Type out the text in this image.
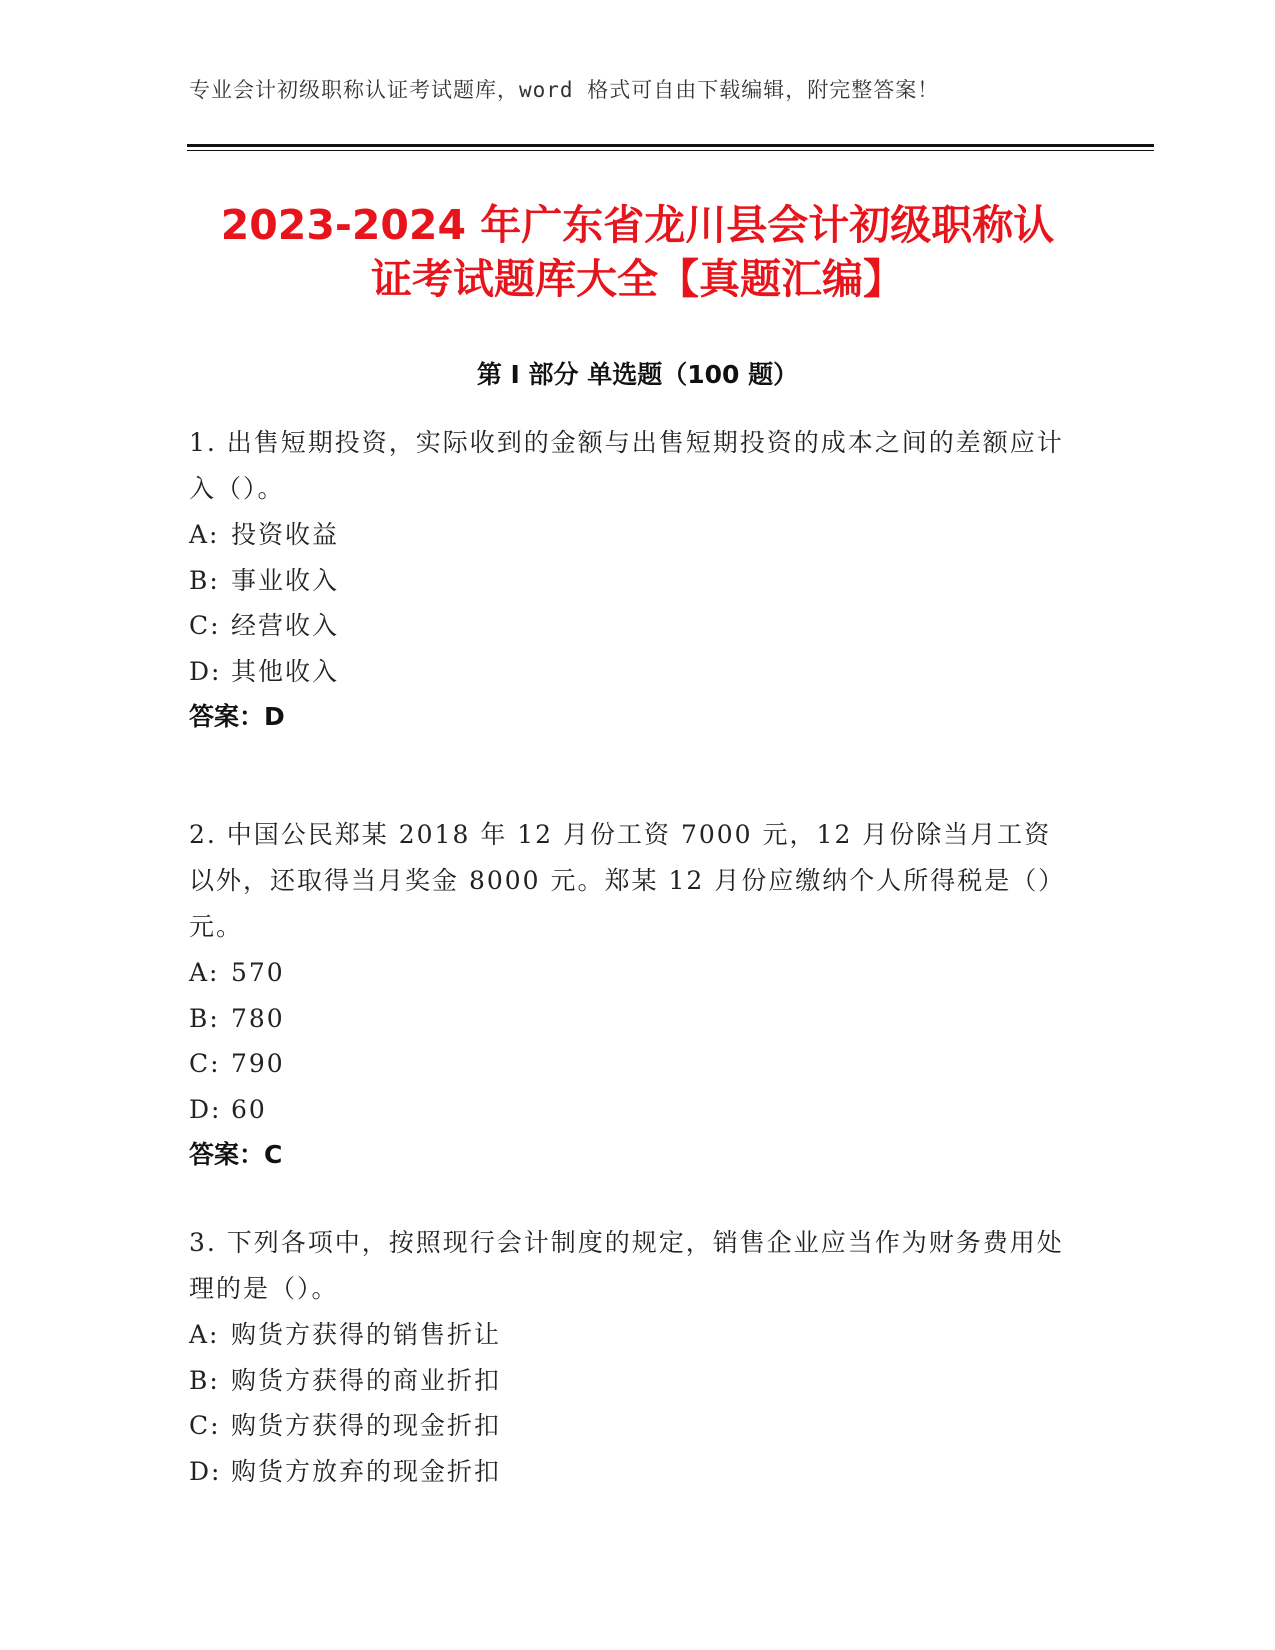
专业会计初级职称认证考试题库，word 格式可自由下载编辑，附完整答案！
2023-2024 年广东省龙川县会计初级职称认
证考试题库大全【真题汇编】
第 I 部分 单选题（100 题）
1. 出售短期投资，实际收到的金额与出售短期投资的成本之间的差额应计入（）。
A: 投资收益
B: 事业收入
C: 经营收入
D: 其他收入
答案：D
2. 中国公民郑某 2018 年 12 月份工资 7000 元，12 月份除当月工资以外，还取得当月奖金 8000 元。郑某 12 月份应缴纳个人所得税是（）元。
A: 570
B: 780
C: 790
D: 60
答案：C
3. 下列各项中，按照现行会计制度的规定，销售企业应当作为财务费用处理的是（）。
A: 购货方获得的销售折让
B: 购货方获得的商业折扣
C: 购货方获得的现金折扣
D: 购货方放弃的现金折扣
